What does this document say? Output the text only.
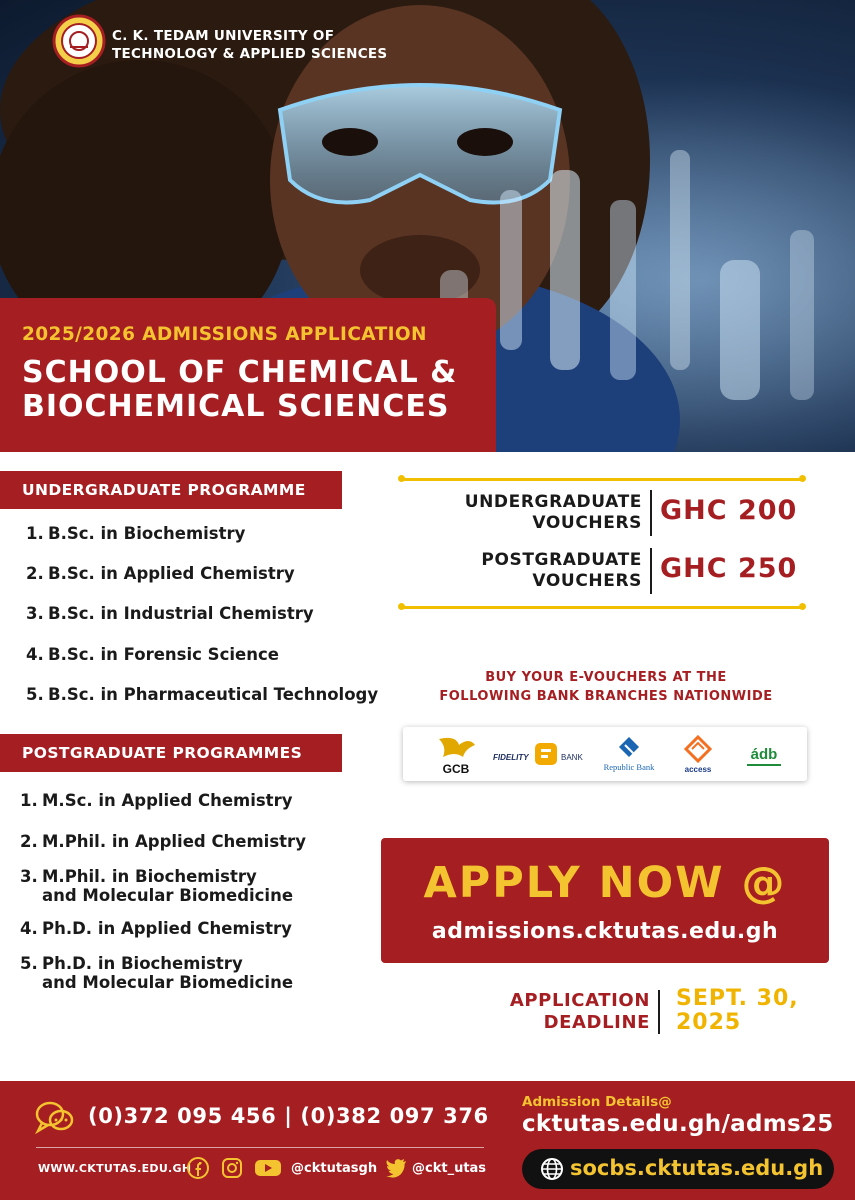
C. K. TEDAM UNIVERSITY OF
TECHNOLOGY & APPLIED SCIENCES
2025/2026 ADMISSIONS APPLICATION
SCHOOL OF CHEMICAL &
BIOCHEMICAL SCIENCES
UNDERGRADUATE PROGRAMME
1. B.Sc. in Biochemistry
2. B.Sc. in Applied Chemistry
3. B.Sc. in Industrial Chemistry
4. B.Sc. in Forensic Science
5. B.Sc. in Pharmaceutical Technology
POSTGRADUATE PROGRAMMES
1. M.Sc. in Applied Chemistry
2. M.Phil. in Applied Chemistry
3. M.Phil. in Biochemistry
and Molecular Biomedicine
4. Ph.D. in Applied Chemistry
5. Ph.D. in Biochemistry
and Molecular Biomedicine
UNDERGRADUATE
VOUCHERS GHC 200
POSTGRADUATE
VOUCHERS GHC 250
BUY YOUR E-VOUCHERS AT THE
FOLLOWING BANK BRANCHES NATIONWIDE
GCB
FIDELITY	BANK
Republic Bank	access
ádb
APPLY NOW @
admissions.cktutas.edu.gh
APPLICATION
DEADLINE
SEPT. 30,
2025
(0)372 095 456 | (0)382 097 376
WWW.CKTUTAS.EDU.GH	@cktutasgh	@ckt_utas
Admission Details@
cktutas.edu.gh/adms25
socbs.cktutas.edu.gh
